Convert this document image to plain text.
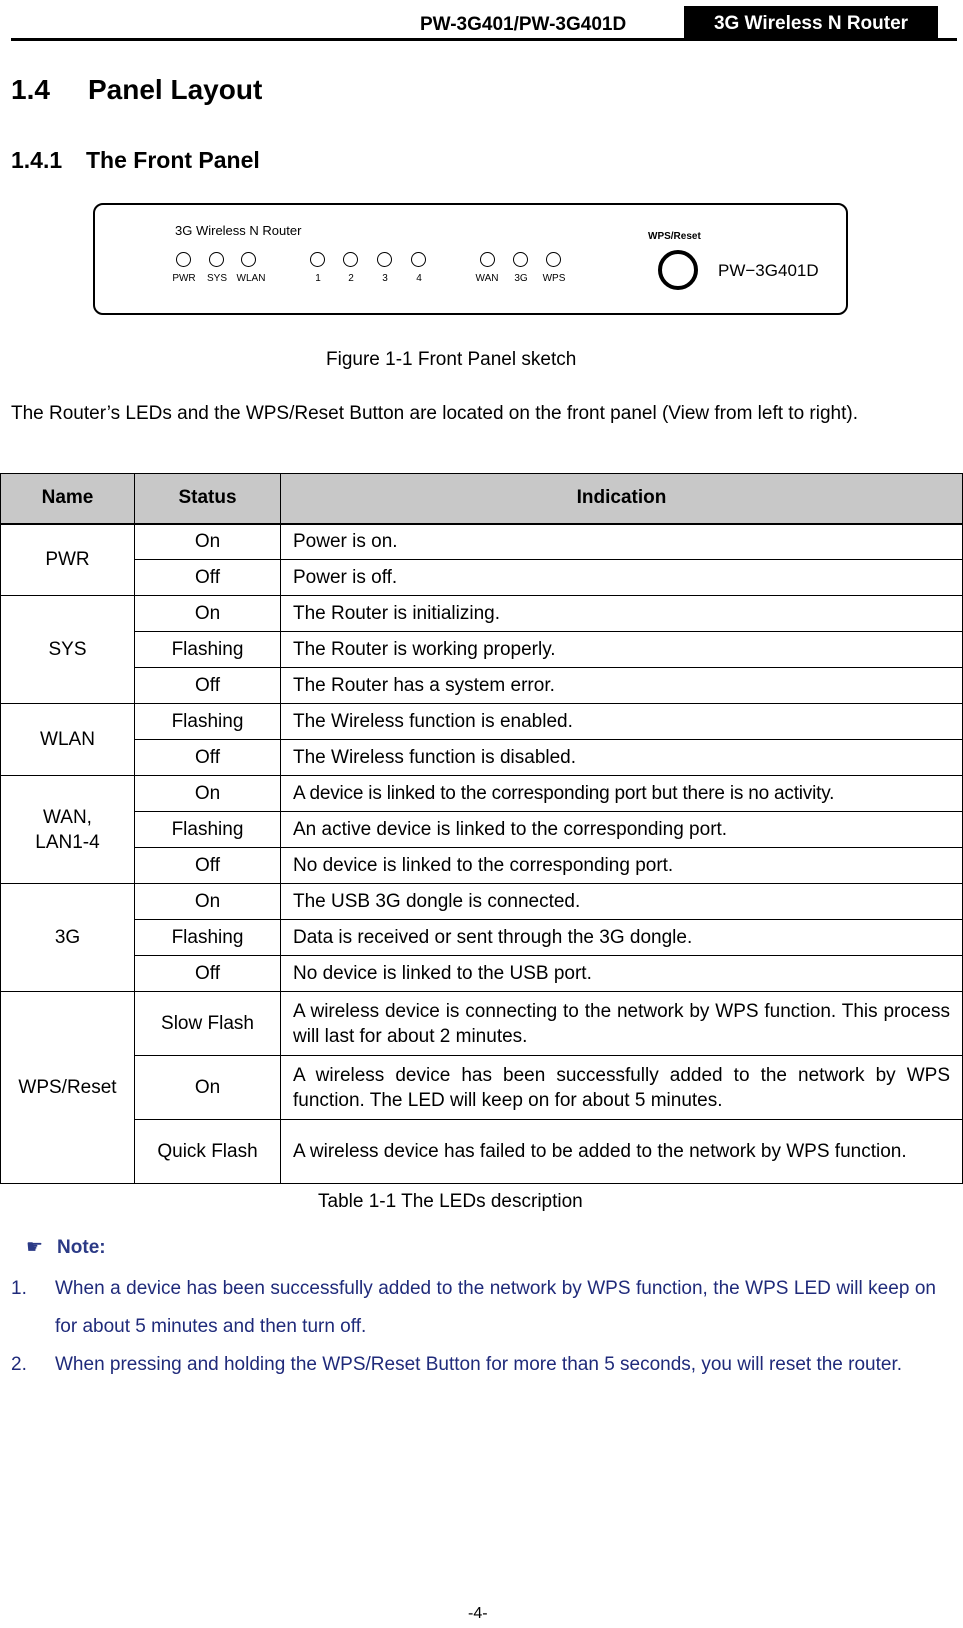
PW-3G401/PW-3G401D	3G Wireless N Router
1.4 Panel Layout
1.4.1 The Front Panel
3G Wireless N Router
PWR	SYS WLAN	1	2	3	4	WAN	3G	WPS
WPS/Reset
PW−3G401D
Figure 1-1 Front Panel sketch
The Router’s LEDs and the WPS/Reset Button are located on the front panel (View from left to right).
Name	Status	Indication
PWR	On	Power is on.
	Off	Power is off.
SYS	On	The Router is initializing.
	Flashing	The Router is working properly.
	Off	The Router has a system error.
WLAN	Flashing	The Wireless function is enabled.
	Off	The Wireless function is disabled.
WAN,
LAN1-4	On	A device is linked to the corresponding port but there is no activity.
	Flashing	An active device is linked to the corresponding port.
	Off	No device is linked to the corresponding port.
3G	On	The USB 3G dongle is connected.
	Flashing	Data is received or sent through the 3G dongle.
	Off	No device is linked to the USB port.
WPS/Reset	Slow Flash	A wireless device is connecting to the network by WPS function. This process will last for about 2 minutes.
	On	A wireless device has been successfully added to the network by WPS function. The LED will keep on for about 5 minutes.
	Quick Flash	A wireless device has failed to be added to the network by WPS function.
Table 1-1 The LEDs description
☛ Note:
1. When a device has been successfully added to the network by WPS function, the WPS LED will keep on for about 5 minutes and then turn off.
2. When pressing and holding the WPS/Reset Button for more than 5 seconds, you will reset the router.
-4-
